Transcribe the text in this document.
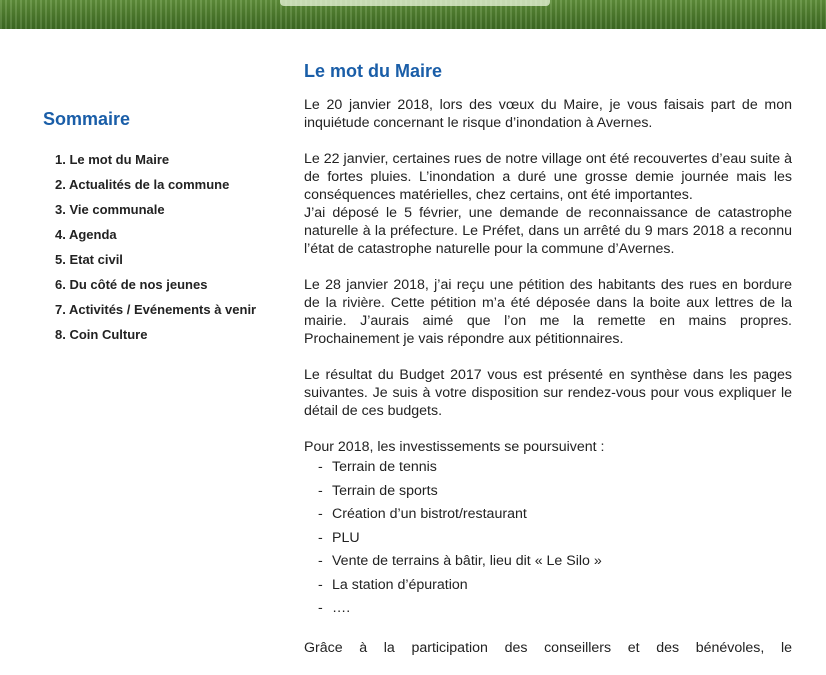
Sommaire
1. Le mot du Maire
2. Actualités de la commune
3. Vie communale
4. Agenda
5. Etat civil
6. Du côté de nos jeunes
7. Activités / Evénements à venir
8. Coin Culture
Le mot du Maire

Le 20 janvier 2018, lors des vœux du Maire, je vous faisais part de mon inquiétude concernant le risque d’inondation à Avernes.

Le 22 janvier, certaines rues de notre village ont été recouvertes d’eau suite à de fortes pluies. L’inondation a duré une grosse demie journée mais les conséquences matérielles, chez certains, ont été importantes.

J’ai déposé le 5 février, une demande de reconnaissance de catastrophe naturelle à la préfecture. Le Préfet, dans un arrêté du 9 mars 2018 a reconnu l’état de catastrophe naturelle pour la commune d’Avernes.

Le 28 janvier 2018, j’ai reçu une pétition des habitants des rues en bordure de la rivière. Cette pétition m’a été déposée dans la boite aux lettres de la mairie. J’aurais aimé que l’on me la remette en mains propres. Prochainement je vais répondre aux pétitionnaires.

Le résultat du Budget 2017 vous est présenté en synthèse dans les pages suivantes. Je suis à votre disposition sur rendez-vous pour vous expliquer le détail de ces budgets.

Pour 2018, les investissements se poursuivent :

- Terrain de tennis
- Terrain de sports
- Création d’un bistrot/restaurant
- PLU
- Vente de terrains à bâtir, lieu dit « Le Silo »
- La station d’épuration
- ….

Grâce à la participation des conseillers et des bénévoles, le
